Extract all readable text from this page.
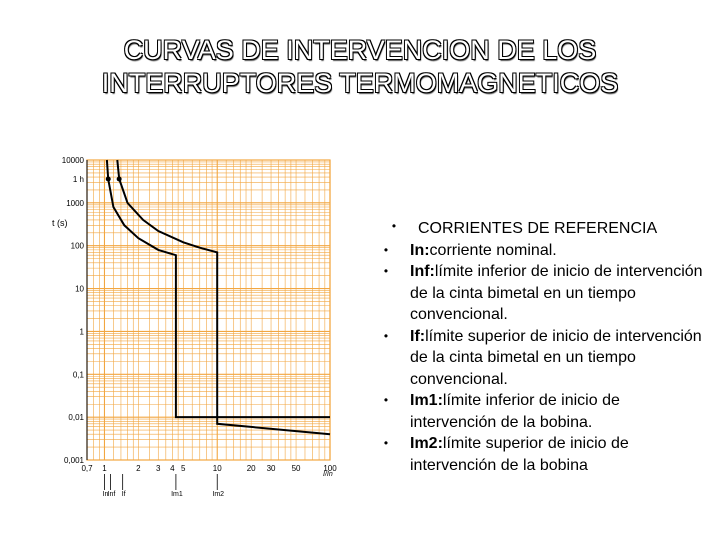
CURVAS DE INTERVENCION DE LOS
INTERRUPTORES TERMOMAGNETICOS
10000
1 h
1000
100
10
1
0,1
0,01
0,001
0,7 1	2 3 4 5	10	20 30 50	100
In Inf If	Im1	Im2
t (s)
I/In
•	CORRIENTES DE REFERENCIA
•	In:corriente nominal.
•	Inf:límite inferior de inicio de intervención de la cinta bimetal en un tiempo convencional.
•	If:límite superior de inicio de intervención de la cinta bimetal en un tiempo convencional.
•	Im1:límite inferior de inicio de intervención de la bobina.
•	Im2:límite superior de inicio de intervención de la bobina
